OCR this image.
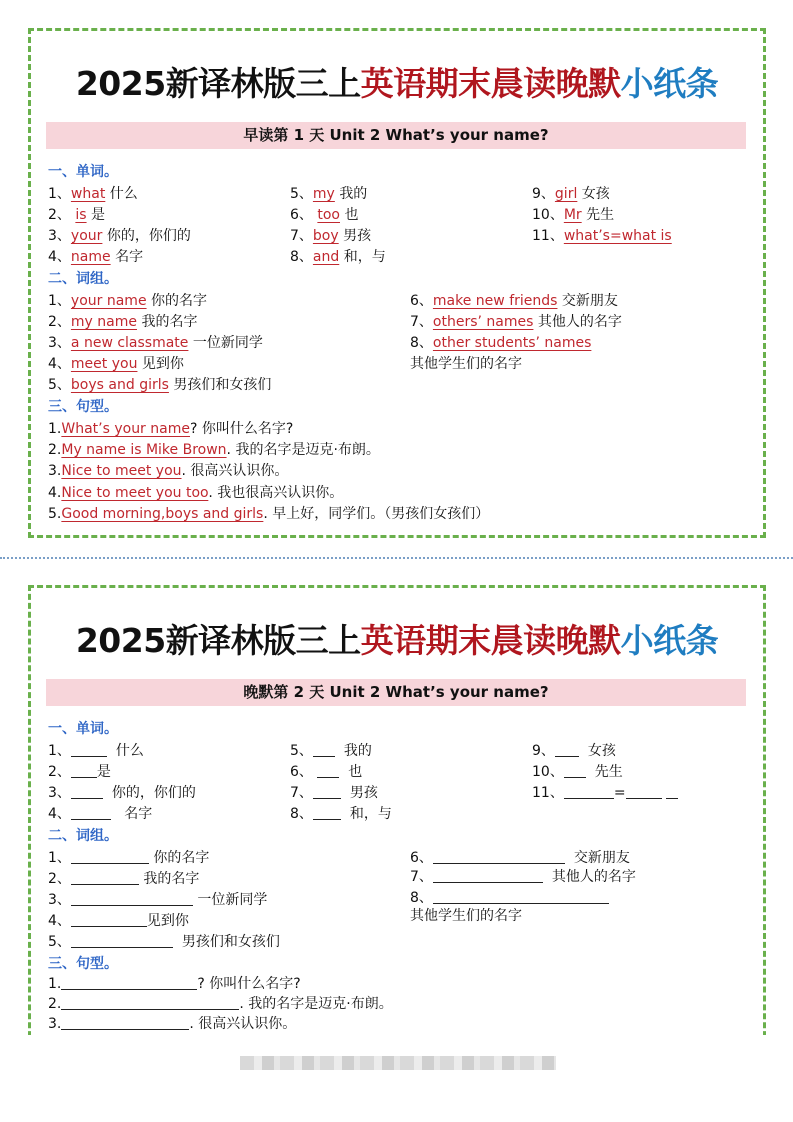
2025新译林版三上英语期末晨读晚默小纸条
早读第 1 天 Unit 2 What’s your name?
一、单词。
1、what 什么
2、 is 是
3、your 你的，你们的
4、name 名字
5、my 我的
6、 too 也
7、boy 男孩
8、and 和，与
9、girl 女孩
10、Mr 先生
11、what’s=what is
二、词组。
1、your name 你的名字
2、my name 我的名字
3、a new classmate 一位新同学
4、meet you 见到你
5、boys and girls 男孩们和女孩们
6、make new friends 交新朋友
7、others’ names 其他人的名字
8、other students’ names
其他学生们的名字
三、句型。
1.What’s your name? 你叫什么名字?
2.My name is Mike Brown. 我的名字是迈克·布朗。
3.Nice to meet you. 很高兴认识你。
4.Nice to meet you too. 我也很高兴认识你。
5.Good morning,boys and girls. 早上好，同学们。（男孩们女孩们）
2025新译林版三上英语期末晨读晚默小纸条
晚默第 2 天 Unit 2 What’s your name?
一、单词。
1、	什么
2、 是
3、	你的，你们的
4、	名字
5、 我的
6、	也
7、	男孩
8、	和，与
9、 女孩
10、 先生
11、	=
二、词组。
1、	你的名字
2、	我的名字
3、	一位新同学
4、	见到你
5、	男孩们和女孩们
6、	交新朋友
7、	其他人的名字
8、
其他学生们的名字
三、句型。
1.	? 你叫什么名字?
2.	. 我的名字是迈克·布朗。
3.	. 很高兴认识你。
